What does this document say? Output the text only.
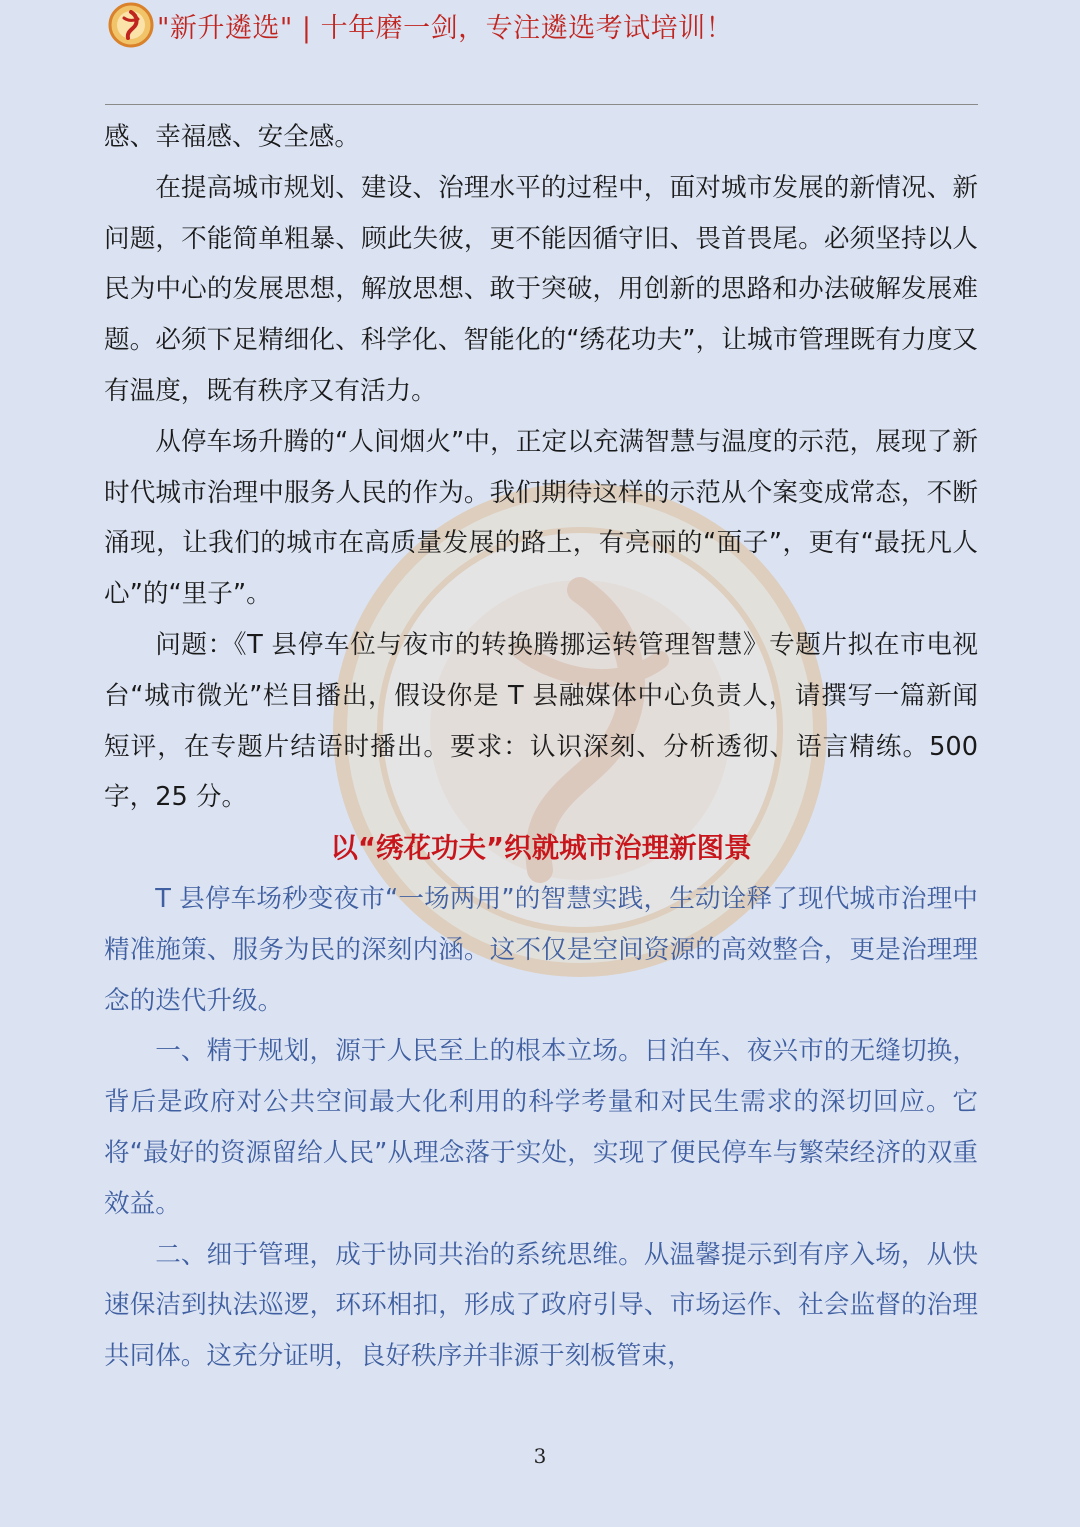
"新升遴选" | 十年磨一剑，专注遴选考试培训！

感、幸福感、安全感。

在提高城市规划、建设、治理水平的过程中，面对城市发展的新情况、新问题，不能简单粗暴、顾此失彼，更不能因循守旧、畏首畏尾。必须坚持以人民为中心的发展思想，解放思想、敢于突破，用创新的思路和办法破解发展难题。必须下足精细化、科学化、智能化的“绣花功夫”，让城市管理既有力度又有温度，既有秩序又有活力。

从停车场升腾的“人间烟火”中，正定以充满智慧与温度的示范，展现了新时代城市治理中服务人民的作为。我们期待这样的示范从个案变成常态，不断涌现，让我们的城市在高质量发展的路上，有亮丽的“面子”，更有“最抚凡人心”的“里子”。

问题：《T 县停车位与夜市的转换腾挪运转管理智慧》专题片拟在市电视台“城市微光”栏目播出，假设你是 T 县融媒体中心负责人，请撰写一篇新闻短评，在专题片结语时播出。要求：认识深刻、分析透彻、语言精练。500 字，25 分。

以“绣花功夫”织就城市治理新图景

T 县停车场秒变夜市“一场两用”的智慧实践，生动诠释了现代城市治理中精准施策、服务为民的深刻内涵。这不仅是空间资源的高效整合，更是治理理念的迭代升级。

一、精于规划，源于人民至上的根本立场。日泊车、夜兴市的无缝切换，背后是政府对公共空间最大化利用的科学考量和对民生需求的深切回应。它将“最好的资源留给人民”从理念落于实处，实现了便民停车与繁荣经济的双重效益。

二、细于管理，成于协同共治的系统思维。从温馨提示到有序入场，从快速保洁到执法巡逻，环环相扣，形成了政府引导、市场运作、社会监督的治理共同体。这充分证明，良好秩序并非源于刻板管束，

3
